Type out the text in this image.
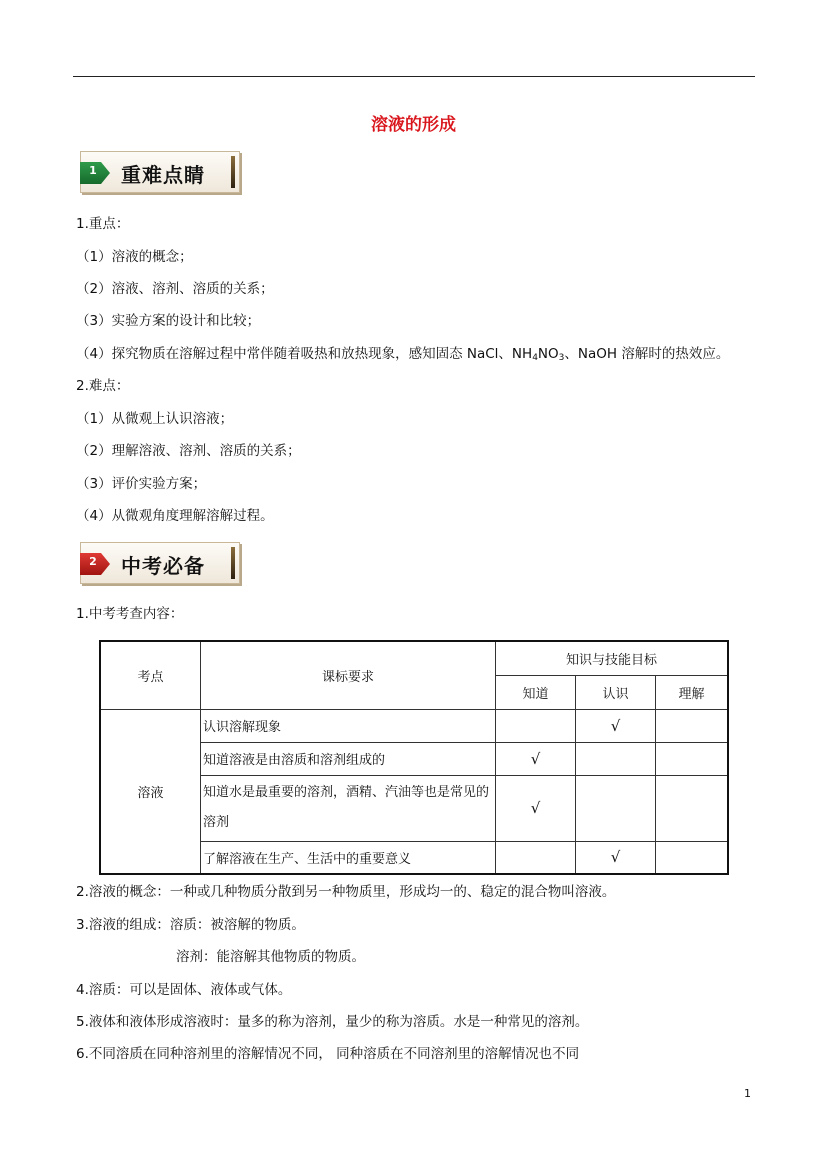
溶液的形成
1 重难点睛
1.重点：
（1）溶液的概念；
（2）溶液、溶剂、溶质的关系；
（3）实验方案的设计和比较；
（4）探究物质在溶解过程中常伴随着吸热和放热现象，感知固态 NaCl、$NH_4NO_3$、NaOH 溶解时的热效应。
2.难点：
（1）从微观上认识溶液；
（2）理解溶液、溶剂、溶质的关系；
（3）评价实验方案；
（4）从微观角度理解溶解过程。
2 中考必备
1.中考考查内容：
考点	课标要求	知识与技能目标		
		知道	认识	理解
溶液	认识溶解现象		√	
	知道溶液是由溶质和溶剂组成的	√		
	知道水是最重要的溶剂，酒精、汽油等也是常见的溶剂	√		
	了解溶液在生产、生活中的重要意义		√	
2.溶液的概念：一种或几种物质分散到另一种物质里，形成均一的、稳定的混合物叫溶液。
3.溶液的组成：溶质：被溶解的物质。
溶剂：能溶解其他物质的物质。
4.溶质：可以是固体、液体或气体。
5.液体和液体形成溶液时：量多的称为溶剂，量少的称为溶质。水是一种常见的溶剂。
6.不同溶质在同种溶剂里的溶解情况不同， 同种溶质在不同溶剂里的溶解情况也不同
1
